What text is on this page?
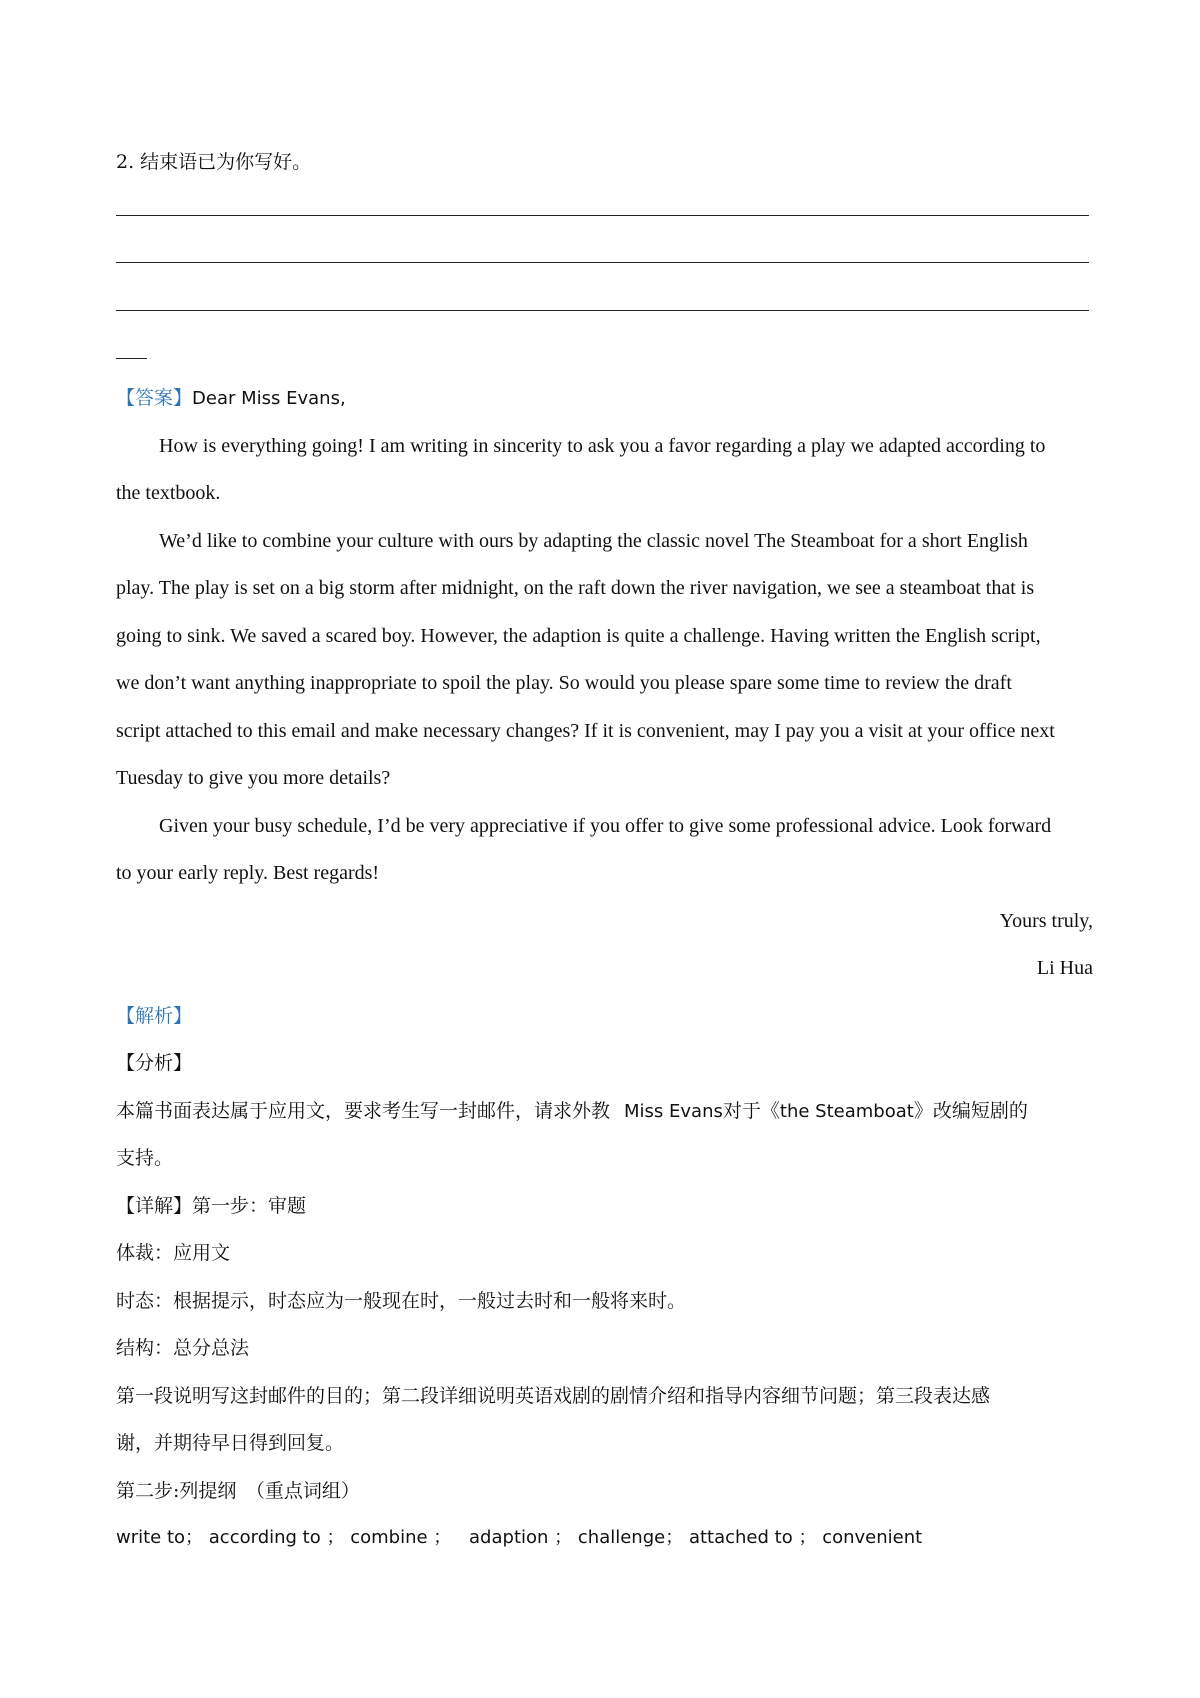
2. 结束语已为你写好。
【答案】Dear Miss Evans,
How is everything going! I am writing in sincerity to ask you a favor regarding a play we adapted according to
the textbook.
We’d like to combine your culture with ours by adapting the classic novel The Steamboat for a short English
play. The play is set on a big storm after midnight, on the raft down the river navigation, we see a steamboat that is
going to sink. We saved a scared boy. However, the adaption is quite a challenge. Having written the English script,
we don’t want anything inappropriate to spoil the play. So would you please spare some time to review the draft
script attached to this email and make necessary changes? If it is convenient, may I pay you a visit at your office next
Tuesday to give you more details?
Given your busy schedule, I’d be very appreciative if you offer to give some professional advice. Look forward
to your early reply. Best regards!
Yours truly,
Li Hua
【解析】
【分析】
本篇书面表达属于应用文，要求考生写一封邮件，请求外教 Miss Evans对于《the Steamboat》改编短剧的
支持。
【详解】第一步：审题
体裁：应用文
时态：根据提示，时态应为一般现在时，一般过去时和一般将来时。
结构：总分总法
第一段说明写这封邮件的目的；第二段详细说明英语戏剧的剧情介绍和指导内容细节问题；第三段表达感
谢，并期待早日得到回复。
第二步:列提纲　（重点词组）
write to； according to ； combine ； adaption ； challenge； attached to ； convenient
